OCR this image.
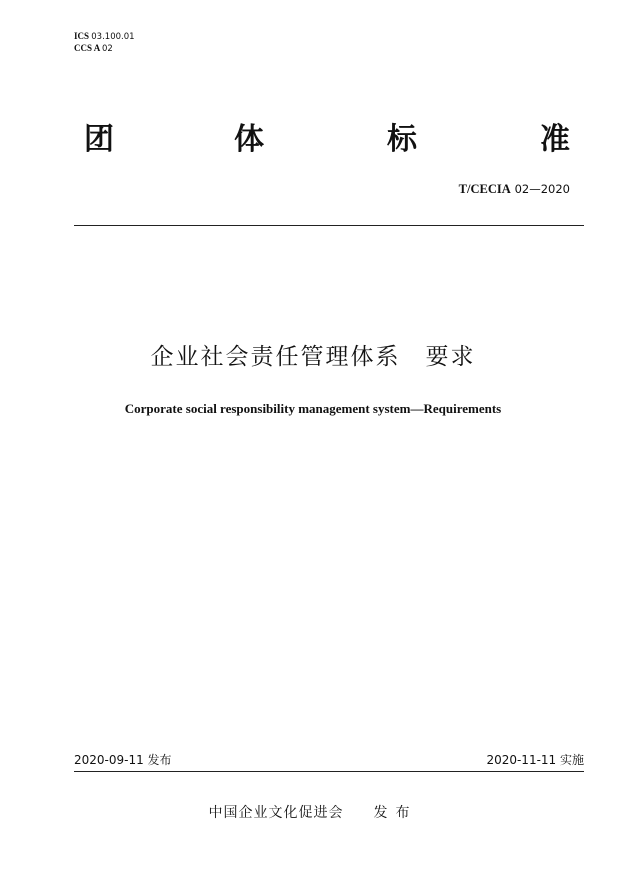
ICS 03.100.01
CCS A 02
团	体	标	准
T/CECIA 02—2020
企业社会责任管理体系　要求
Corporate social responsibility management system—Requirements
2020-09-11 发布	2020-11-11 实施
中国企业文化促进会 发布
